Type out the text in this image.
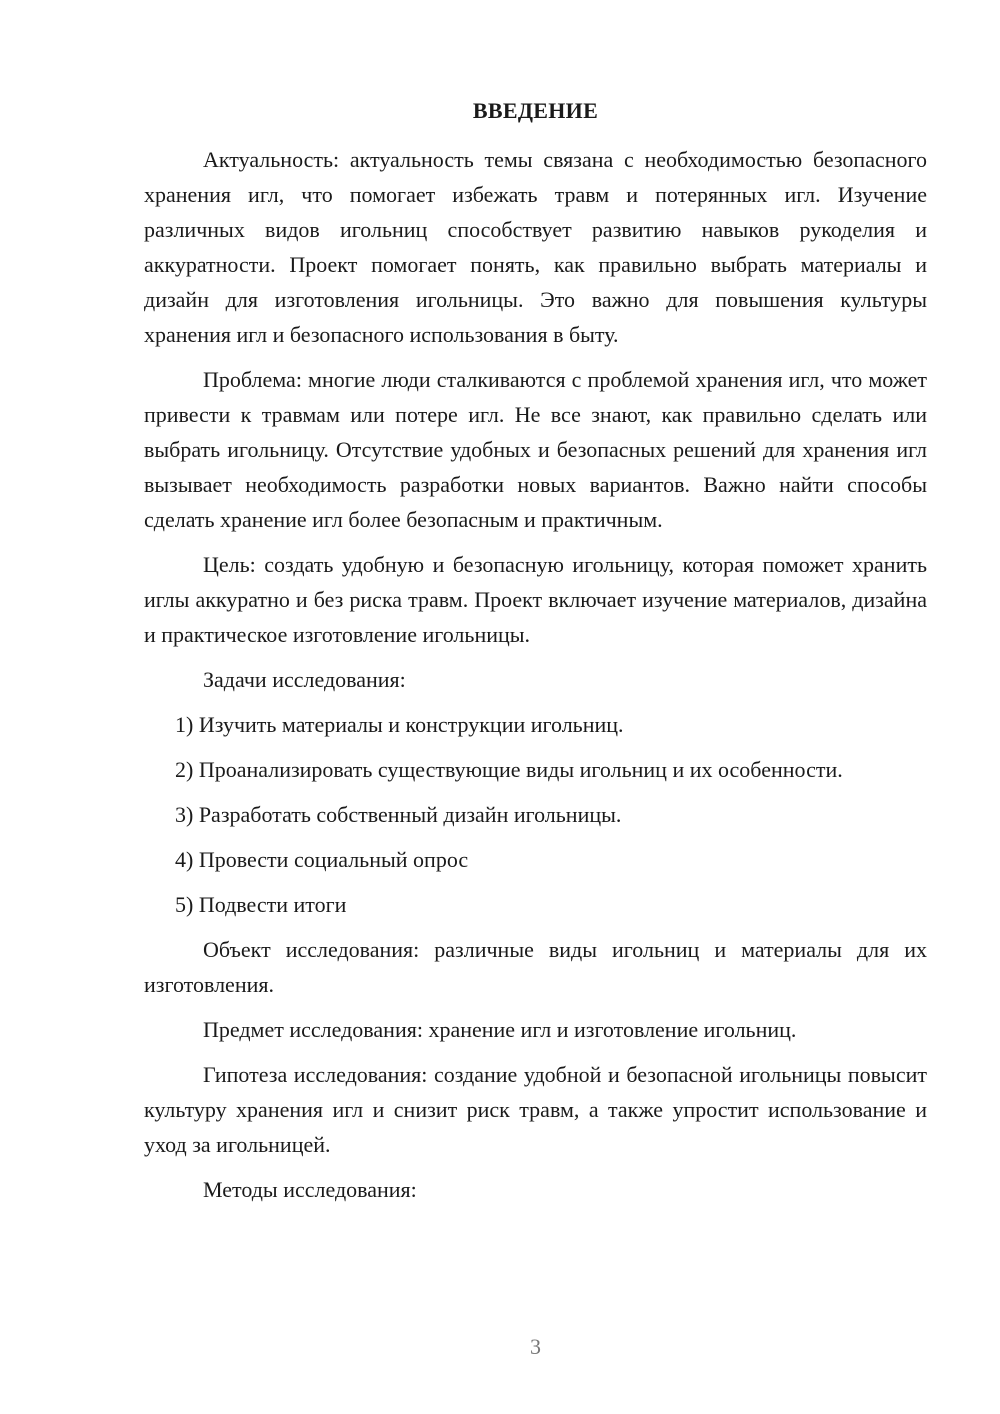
ВВЕДЕНИЕ

Актуальность: актуальность темы связана с необходимостью безопасного хранения игл, что помогает избежать травм и потерянных игл. Изучение различных видов игольниц способствует развитию навыков рукоделия и аккуратности. Проект помогает понять, как правильно выбрать материалы и дизайн для изготовления игольницы. Это важно для повышения культуры хранения игл и безопасного использования в быту.

Проблема: многие люди сталкиваются с проблемой хранения игл, что может привести к травмам или потере игл. Не все знают, как правильно сделать или выбрать игольницу. Отсутствие удобных и безопасных решений для хранения игл вызывает необходимость разработки новых вариантов. Важно найти способы сделать хранение игл более безопасным и практичным.

Цель: создать удобную и безопасную игольницу, которая поможет хранить иглы аккуратно и без риска травм. Проект включает изучение материалов, дизайна и практическое изготовление игольницы.

Задачи исследования:

1) Изучить материалы и конструкции игольниц.
2) Проанализировать существующие виды игольниц и их особенности.
3) Разработать собственный дизайн игольницы.
4) Провести социальный опрос
5) Подвести итоги

Объект исследования: различные виды игольниц и материалы для их изготовления.

Предмет исследования: хранение игл и изготовление игольниц.

Гипотеза исследования: создание удобной и безопасной игольницы повысит культуру хранения игл и снизит риск травм, а также упростит использование и уход за игольницей.

Методы исследования:

3
